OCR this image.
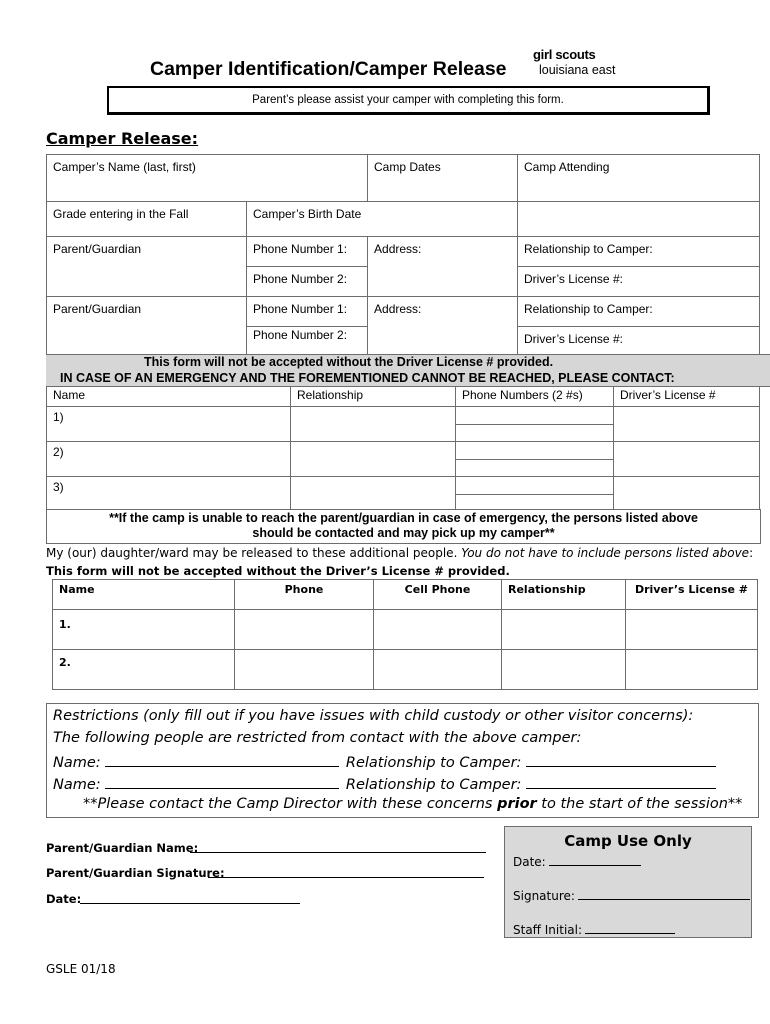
Camper Identification/Camper Release
girl scouts
louisiana east
Parent’s please assist your camper with completing this form.
Camper Release:
Camper’s Name (last, first)		Camp Dates	Camp Attending

Grade entering in the Fall	Camper’s Birth Date		

Parent/Guardian	Phone Number 1:	Address:	Relationship to Camper:

	Phone Number 2:		Driver’s License #:

Parent/Guardian	Phone Number 1:	Address:	Relationship to Camper:

	Phone Number 2:		Driver’s License #:
This form will not be accepted without the Driver License # provided.
IN CASE OF AN EMERGENCY AND THE FOREMENTIONED CANNOT BE REACHED, PLEASE CONTACT:
Name	Relationship	Phone Numbers (2 #s)	Driver’s License #

1)			

2)			

3)			

**If the camp is unable to reach the parent/guardian in case of emergency, the persons listed above
should be contacted and may pick up my camper**
My (our) daughter/ward may be released to these additional people. You do not have to include persons listed above:
This form will not be accepted without the Driver’s License # provided.
Name	Phone	Cell Phone	Relationship	Driver’s License #

1.				

2.				

Restrictions (only fill out if you have issues with child custody or other visitor concerns):
The following people are restricted from contact with the above camper:
Name:	Relationship to Camper:
Name:	Relationship to Camper:
**Please contact the Camp Director with these concerns prior to the start of the session**
Parent/Guardian Name:
Parent/Guardian Signature:
Date:
Camp Use Only
Date:
Signature:
Staff Initial:
GSLE 01/18
